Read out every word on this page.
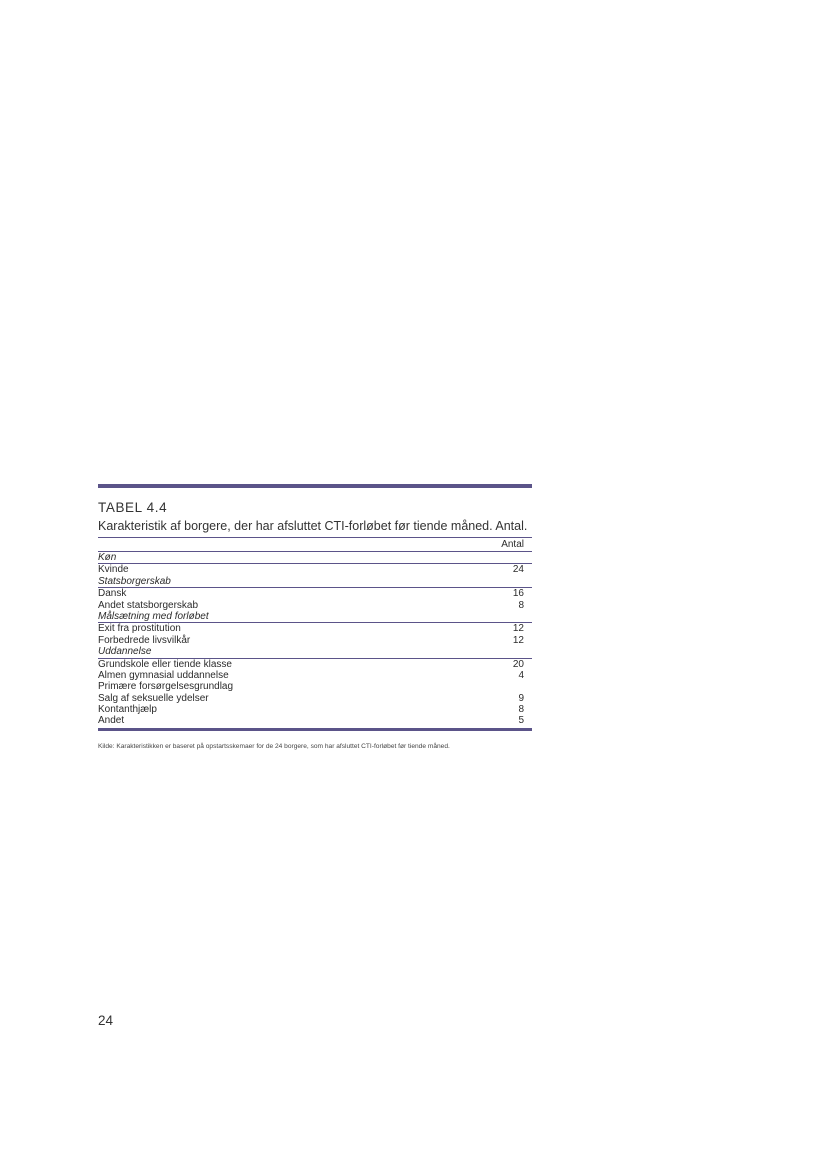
TABEL 4.4
Karakteristik af borgere, der har afsluttet CTI-forløbet før tiende måned. Antal.
Antal
Køn
Kvinde	24
Statsborgerskab
Dansk	16
Andet statsborgerskab	8
Målsætning med forløbet
Exit fra prostitution	12
Forbedrede livsvilkår	12
Uddannelse
Grundskole eller tiende klasse	20
Almen gymnasial uddannelse	4
Primære forsørgelsesgrundlag
Salg af seksuelle ydelser	9
Kontanthjælp	8
Andet	5
Kilde: Karakteristikken er baseret på opstartsskemaer for de 24 borgere, som har afsluttet CTI-forløbet før tiende måned.
24
